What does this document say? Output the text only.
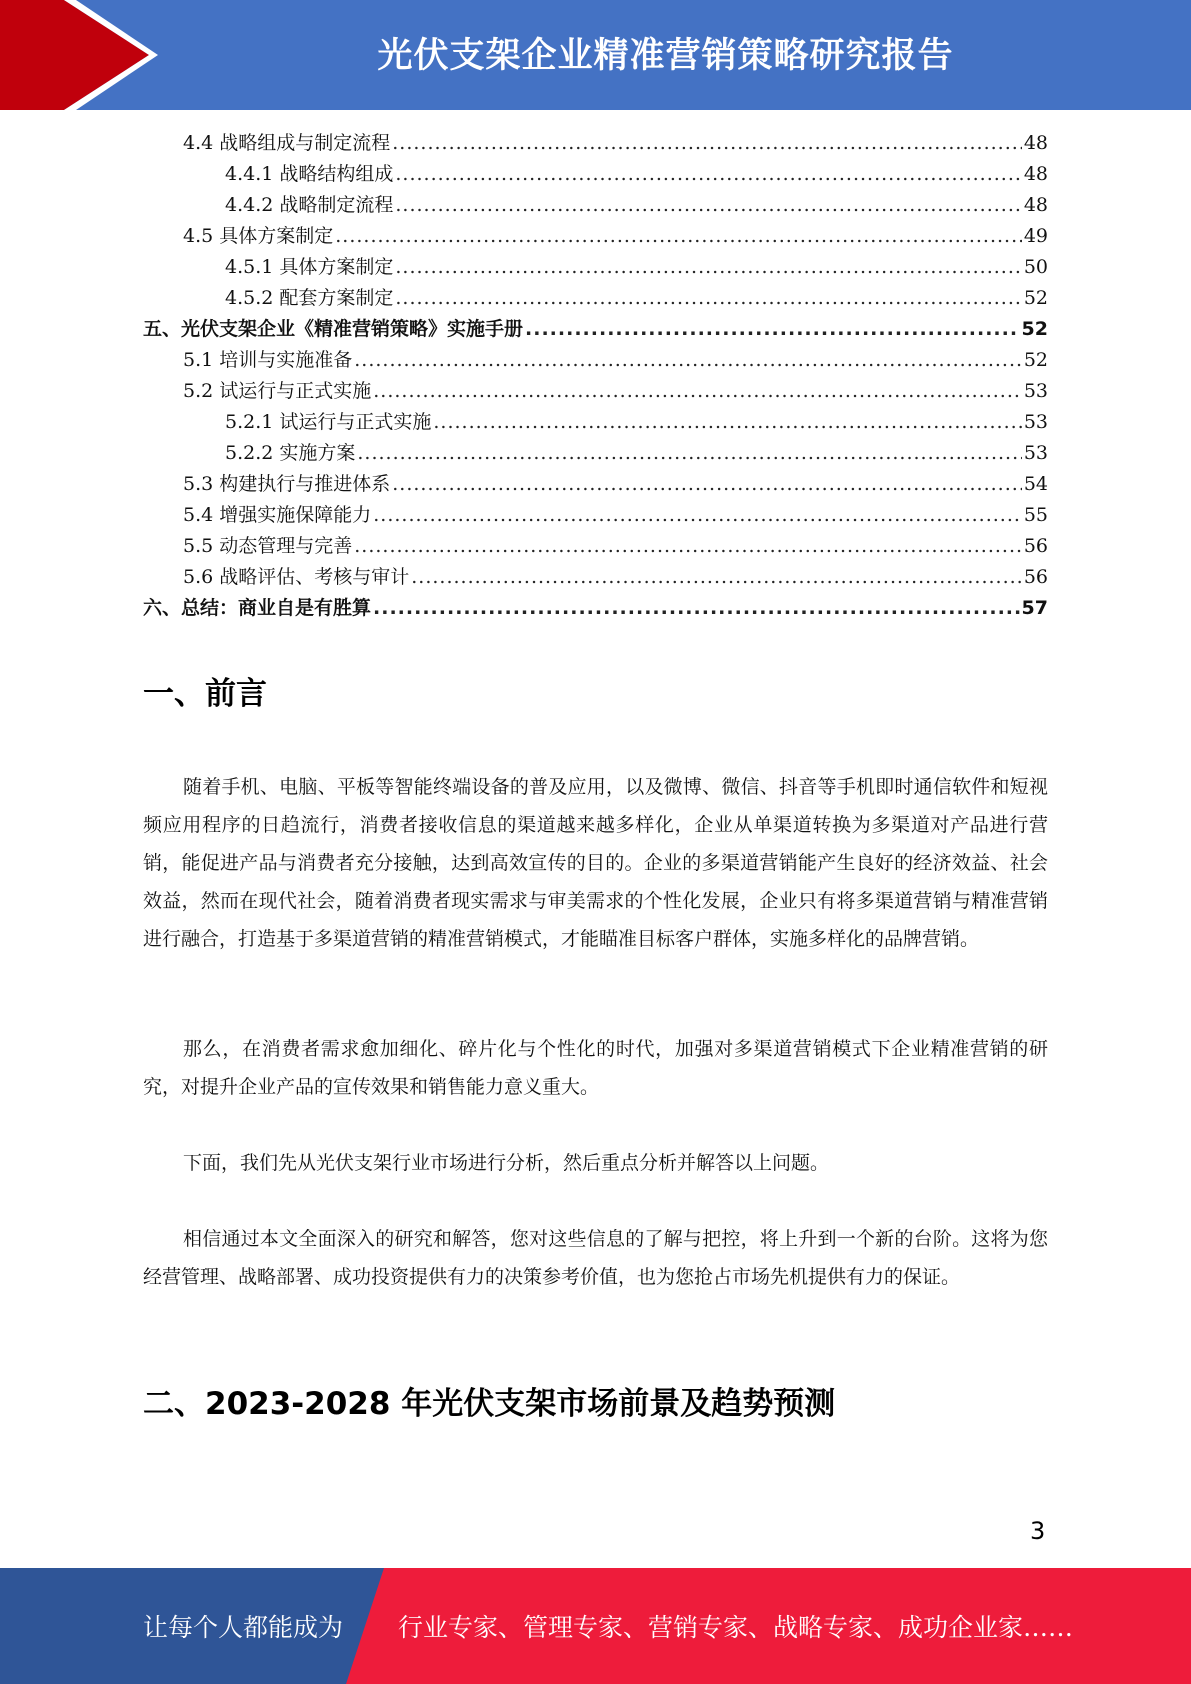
光伏支架企业精准营销策略研究报告
4.4 战略组成与制定流程 .....	48
4.4.1 战略结构组成 .....	48
4.4.2 战略制定流程 .....	48
4.5 具体方案制定 .....	49
4.5.1 具体方案制定 .....	50
4.5.2 配套方案制定 .....	52
五、光伏支架企业《精准营销策略》实施手册 .....	52
5.1 培训与实施准备 .....	52
5.2 试运行与正式实施 .....	53
5.2.1 试运行与正式实施 .....	53
5.2.2 实施方案 .....	53
5.3 构建执行与推进体系 .....	54
5.4 增强实施保障能力 .....	55
5.5 动态管理与完善 .....	56
5.6 战略评估、考核与审计 .....	56
六、总结：商业自是有胜算 .....	57
一、前言

随着手机、电脑、平板等智能终端设备的普及应用，以及微博、微信、抖音等手机即时通信软件和短视频应用程序的日趋流行，消费者接收信息的渠道越来越多样化，企业从单渠道转换为多渠道对产品进行营销，能促进产品与消费者充分接触，达到高效宣传的目的。企业的多渠道营销能产生良好的经济效益、社会效益，然而在现代社会，随着消费者现实需求与审美需求的个性化发展，企业只有将多渠道营销与精准营销进行融合，打造基于多渠道营销的精准营销模式，才能瞄准目标客户群体，实施多样化的品牌营销。

那么，在消费者需求愈加细化、碎片化与个性化的时代，加强对多渠道营销模式下企业精准营销的研究，对提升企业产品的宣传效果和销售能力意义重大。

下面，我们先从光伏支架行业市场进行分析，然后重点分析并解答以上问题。

相信通过本文全面深入的研究和解答，您对这些信息的了解与把控，将上升到一个新的台阶。这将为您经营管理、战略部署、成功投资提供有力的决策参考价值，也为您抢占市场先机提供有力的保证。

二、2023-2028 年光伏支架市场前景及趋势预测
3
让每个人都能成为 行业专家、管理专家、营销专家、战略专家、成功企业家……
